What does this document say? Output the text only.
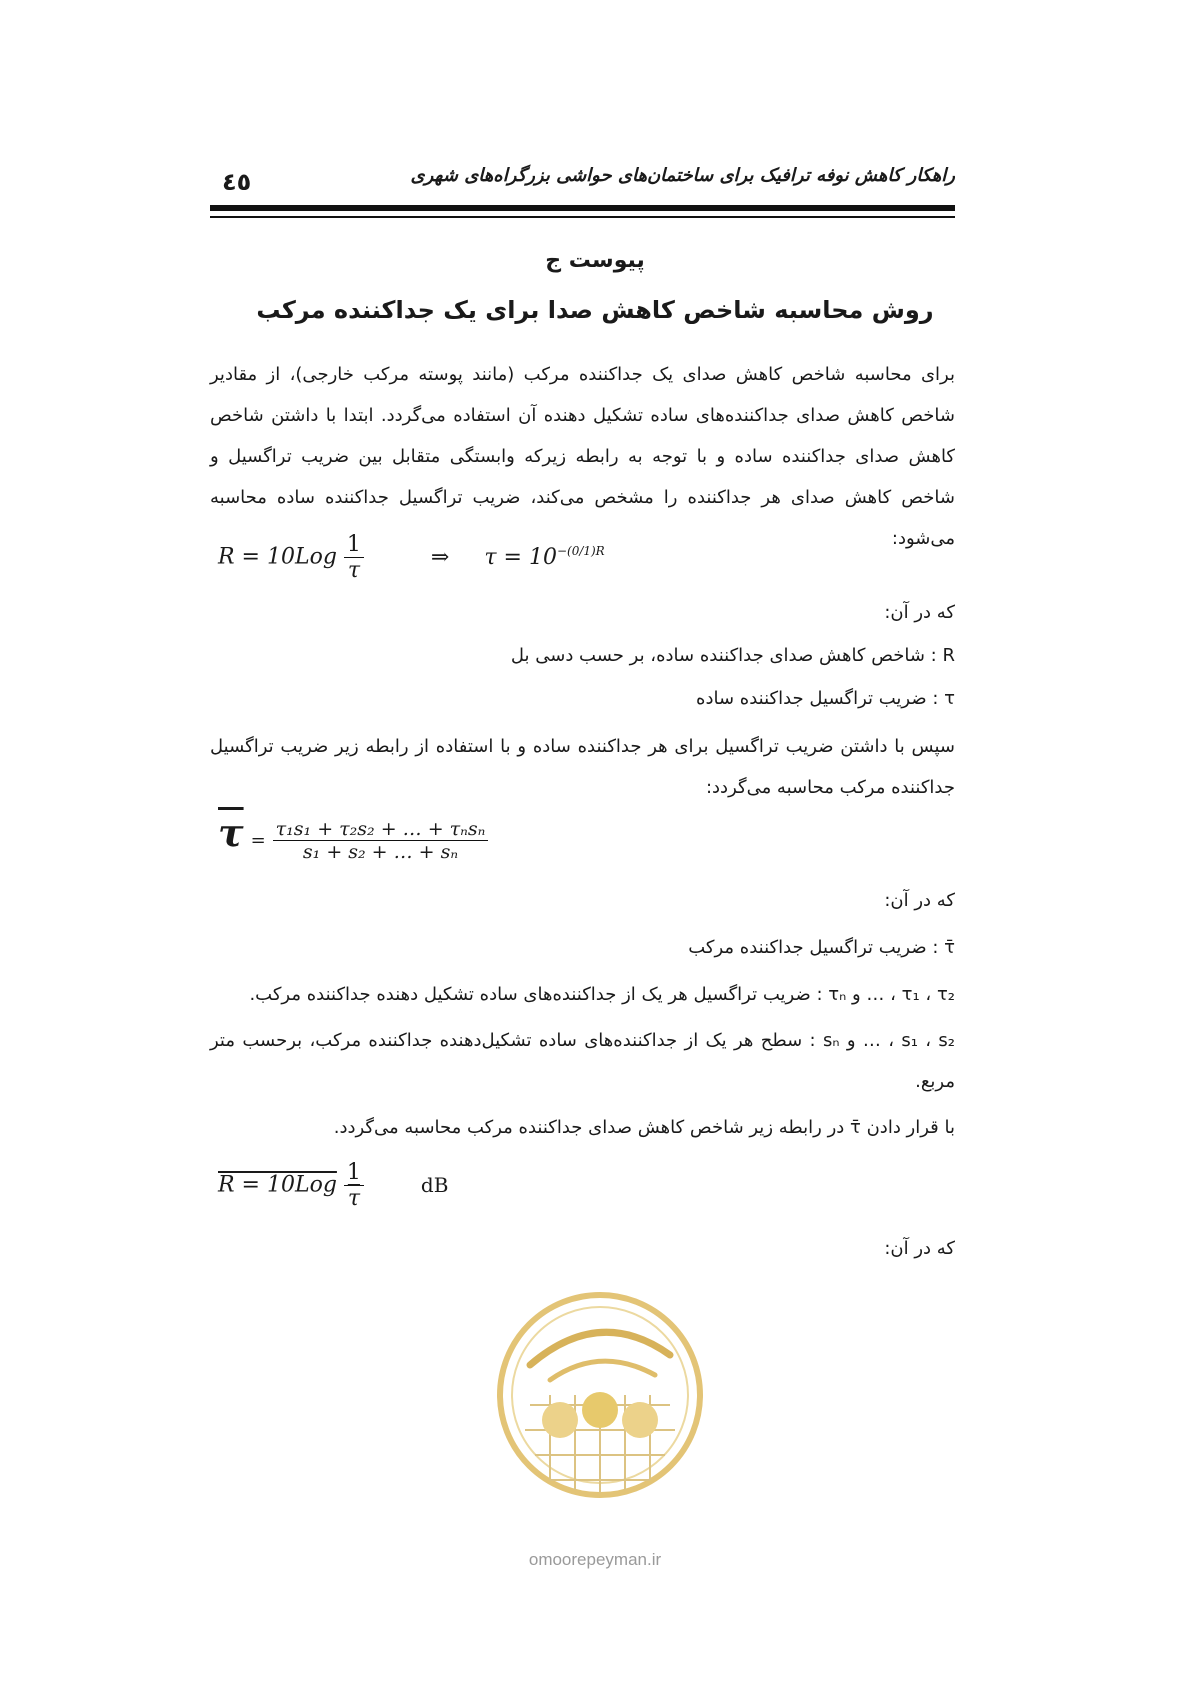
راهکار کاهش نوفه ترافیک برای ساختمان‌های حواشی بزرگراه‌های شهری
٤٥
پیوست ج
روش محاسبه شاخص کاهش صدا برای یک جداکننده مرکب
برای محاسبه شاخص کاهش صدای یک جداکننده مرکب (مانند پوسته مرکب خارجی)، از مقادیر شاخص کاهش صدای جداکننده‌های ساده تشکیل دهنده آن استفاده می‌گردد. ابتدا با داشتن شاخص کاهش صدای جداکننده ساده و با توجه به رابطه زیرکه وابستگی متقابل بین ضریب تراگسیل و شاخص کاهش صدای هر جداکننده را مشخص می‌کند، ضریب تراگسیل جداکننده ساده محاسبه می‌شود:
$R = 10Log \frac{1}{\tau}$	⇒ $\tau = 10^{-(0/1)R}$
که در آن:
R : شاخص کاهش صدای جداکننده ساده، بر حسب دسی بل
τ : ضریب تراگسیل جداکننده ساده
سپس با داشتن ضریب تراگسیل برای هر جداکننده ساده و با استفاده از رابطه زیر ضریب تراگسیل جداکننده مرکب محاسبه می‌گردد:
$\overline{\tau} = \frac{\text{τ₁s₁ + τ₂s₂ + … + τₙsₙ}}{\text{s₁ + s₂ + … + sₙ}}$
که در آن:
τ̄ : ضریب تراگسیل جداکننده مرکب
τ₁ ، τ₂ ، … و τₙ : ضریب تراگسیل هر یک از جداکننده‌های ساده تشکیل دهنده جداکننده مرکب.
s₁ ، s₂ ، … و sₙ : سطح هر یک از جداکننده‌های ساده تشکیل‌دهنده جداکننده مرکب، برحسب متر مربع.
با قرار دادن τ̄ در رابطه زیر شاخص کاهش صدای جداکننده مرکب محاسبه می‌گردد.
$R = 10Log \frac{1}{\tau}$	dB
که در آن:
omoorepeyman.ir
